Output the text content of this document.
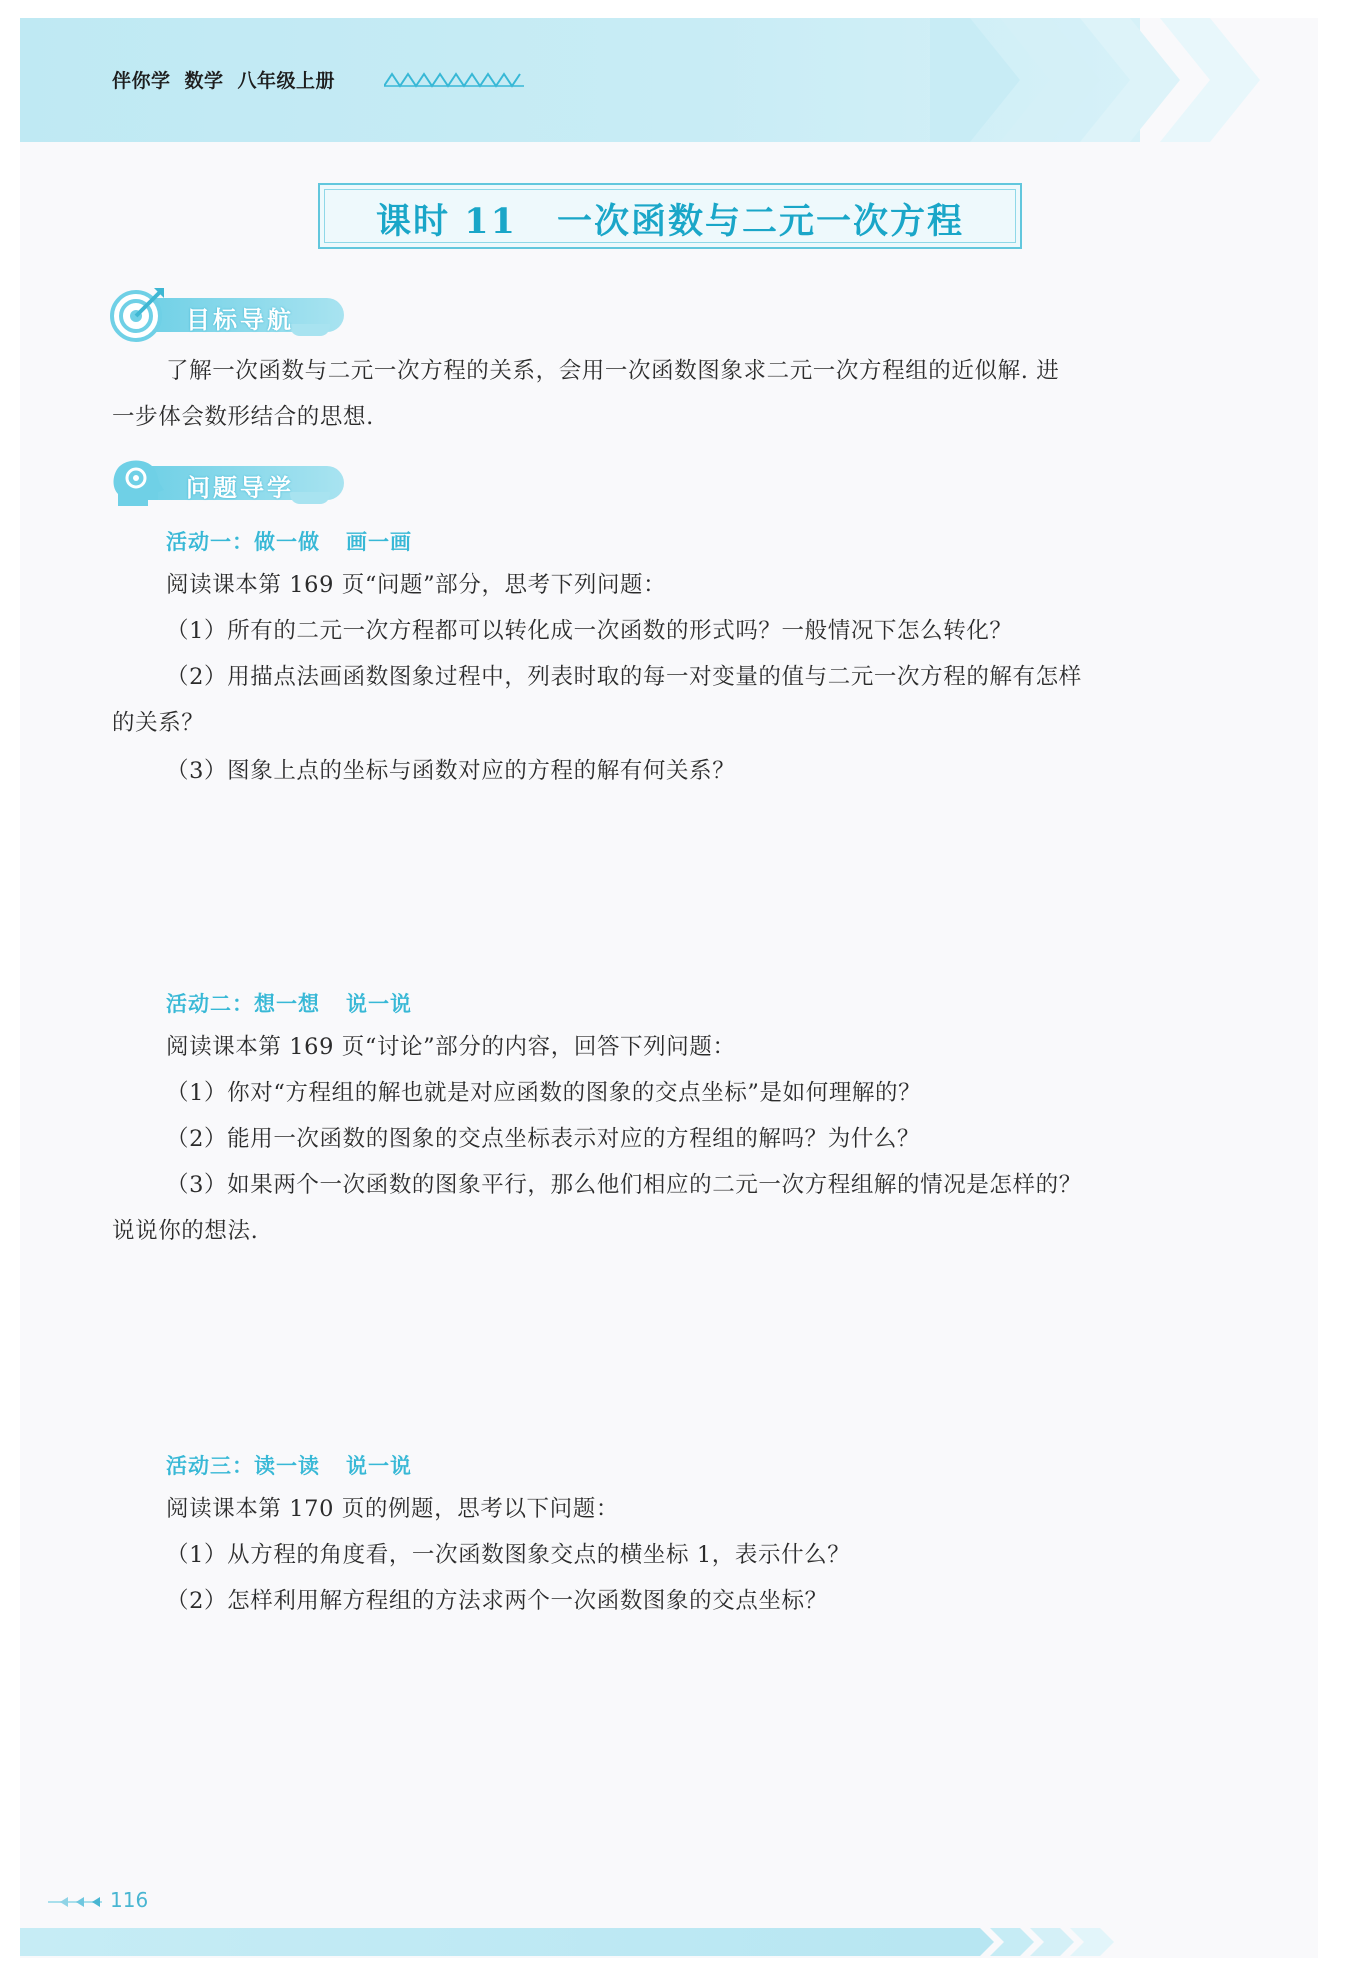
伴你学 数学 八年级上册
课时 11 一次函数与二元一次方程
目标导航
了解一次函数与二元一次方程的关系，会用一次函数图象求二元一次方程组的近似解. 进
一步体会数形结合的思想.
问题导学
活动一：做一做 画一画
阅读课本第 169 页“问题”部分，思考下列问题：
（1）所有的二元一次方程都可以转化成一次函数的形式吗？一般情况下怎么转化？
（2）用描点法画函数图象过程中，列表时取的每一对变量的值与二元一次方程的解有怎样
的关系？
（3）图象上点的坐标与函数对应的方程的解有何关系？
活动二：想一想 说一说
阅读课本第 169 页“讨论”部分的内容，回答下列问题：
（1）你对“方程组的解也就是对应函数的图象的交点坐标”是如何理解的？
（2）能用一次函数的图象的交点坐标表示对应的方程组的解吗？为什么？
（3）如果两个一次函数的图象平行，那么他们相应的二元一次方程组解的情况是怎样的？
说说你的想法.
活动三：读一读 说一说
阅读课本第 170 页的例题，思考以下问题：
（1）从方程的角度看，一次函数图象交点的横坐标 1，表示什么？
（2）怎样利用解方程组的方法求两个一次函数图象的交点坐标？
116
